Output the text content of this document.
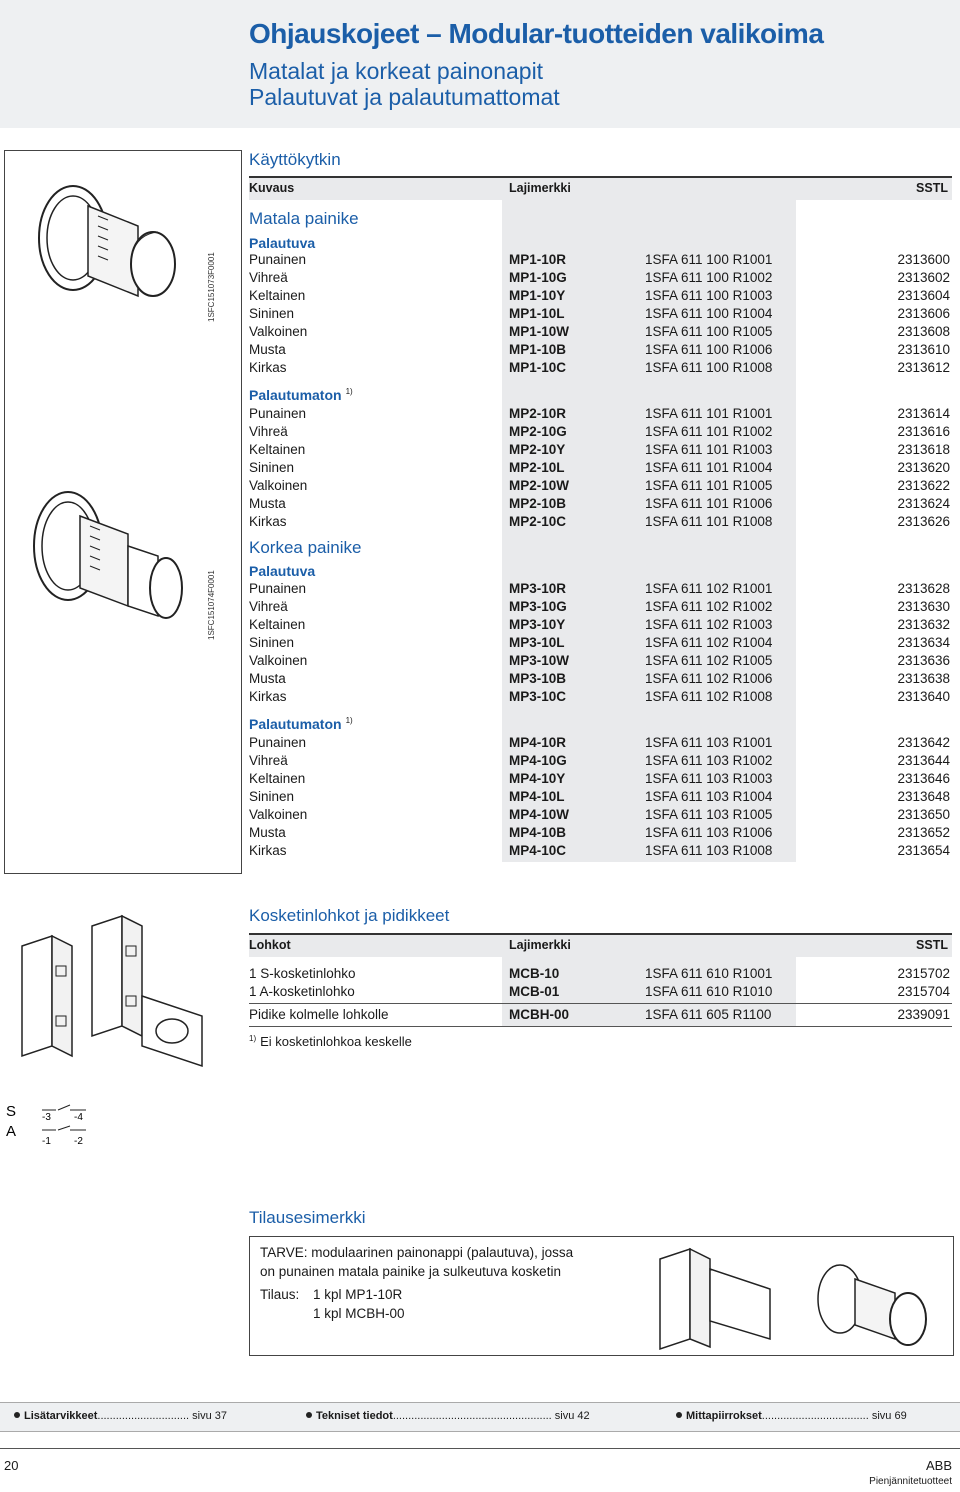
Ohjauskojeet – Modular-tuotteiden valikoima
Matalat ja korkeat painonapit
Palautuvat ja palautumattomat
1SFC151073F0001
1SFC151074F0001
Käyttökytkin
Kuvaus	Lajimerkki	SSTL
Matala painike
Palautuva
Punainen	MP1-10R	1SFA 611 100 R1001	2313600
Vihreä	MP1-10G	1SFA 611 100 R1002	2313602
Keltainen	MP1-10Y	1SFA 611 100 R1003	2313604
Sininen	MP1-10L	1SFA 611 100 R1004	2313606
Valkoinen	MP1-10W	1SFA 611 100 R1005	2313608
Musta	MP1-10B	1SFA 611 100 R1006	2313610
Kirkas	MP1-10C	1SFA 611 100 R1008	2313612
Palautumaton $^{1)}$
Punainen	MP2-10R	1SFA 611 101 R1001	2313614
Vihreä	MP2-10G	1SFA 611 101 R1002	2313616
Keltainen	MP2-10Y	1SFA 611 101 R1003	2313618
Sininen	MP2-10L	1SFA 611 101 R1004	2313620
Valkoinen	MP2-10W	1SFA 611 101 R1005	2313622
Musta	MP2-10B	1SFA 611 101 R1006	2313624
Kirkas	MP2-10C	1SFA 611 101 R1008	2313626
Korkea painike
Palautuva
Punainen	MP3-10R	1SFA 611 102 R1001	2313628
Vihreä	MP3-10G	1SFA 611 102 R1002	2313630
Keltainen	MP3-10Y	1SFA 611 102 R1003	2313632
Sininen	MP3-10L	1SFA 611 102 R1004	2313634
Valkoinen	MP3-10W	1SFA 611 102 R1005	2313636
Musta	MP3-10B	1SFA 611 102 R1006	2313638
Kirkas	MP3-10C	1SFA 611 102 R1008	2313640
Palautumaton $^{1)}$
Punainen	MP4-10R	1SFA 611 103 R1001	2313642
Vihreä	MP4-10G	1SFA 611 103 R1002	2313644
Keltainen	MP4-10Y	1SFA 611 103 R1003	2313646
Sininen	MP4-10L	1SFA 611 103 R1004	2313648
Valkoinen	MP4-10W	1SFA 611 103 R1005	2313650
Musta	MP4-10B	1SFA 611 103 R1006	2313652
Kirkas	MP4-10C	1SFA 611 103 R1008	2313654
Kosketinlohkot ja pidikkeet
Lohkot	Lajimerkki	SSTL
1 S-kosketinlohko	MCB-10	1SFA 611 610 R1001	2315702
1 A-kosketinlohko	MCB-01	1SFA 611 610 R1010	2315704
Pidike kolmelle lohkolle	MCBH-00	1SFA 611 605 R1100	2339091
$^{1)}$ Ei kosketinlohkoa keskelle
S
A
-3 -4
-1 -2
Tilausesimerkki
TARVE: modulaarinen painonappi (palautuva), jossa
on punainen matala painike ja sulkeutuva kosketin
Tilaus: 1 kpl MP1-10R
1 kpl MCBH-00
Lisätarvikkeet.............................. sivu 37	Tekniset tiedot.................................................... sivu 42	Mittapiirrokset................................... sivu 69
20	ABB
Pienjännitetuotteet
